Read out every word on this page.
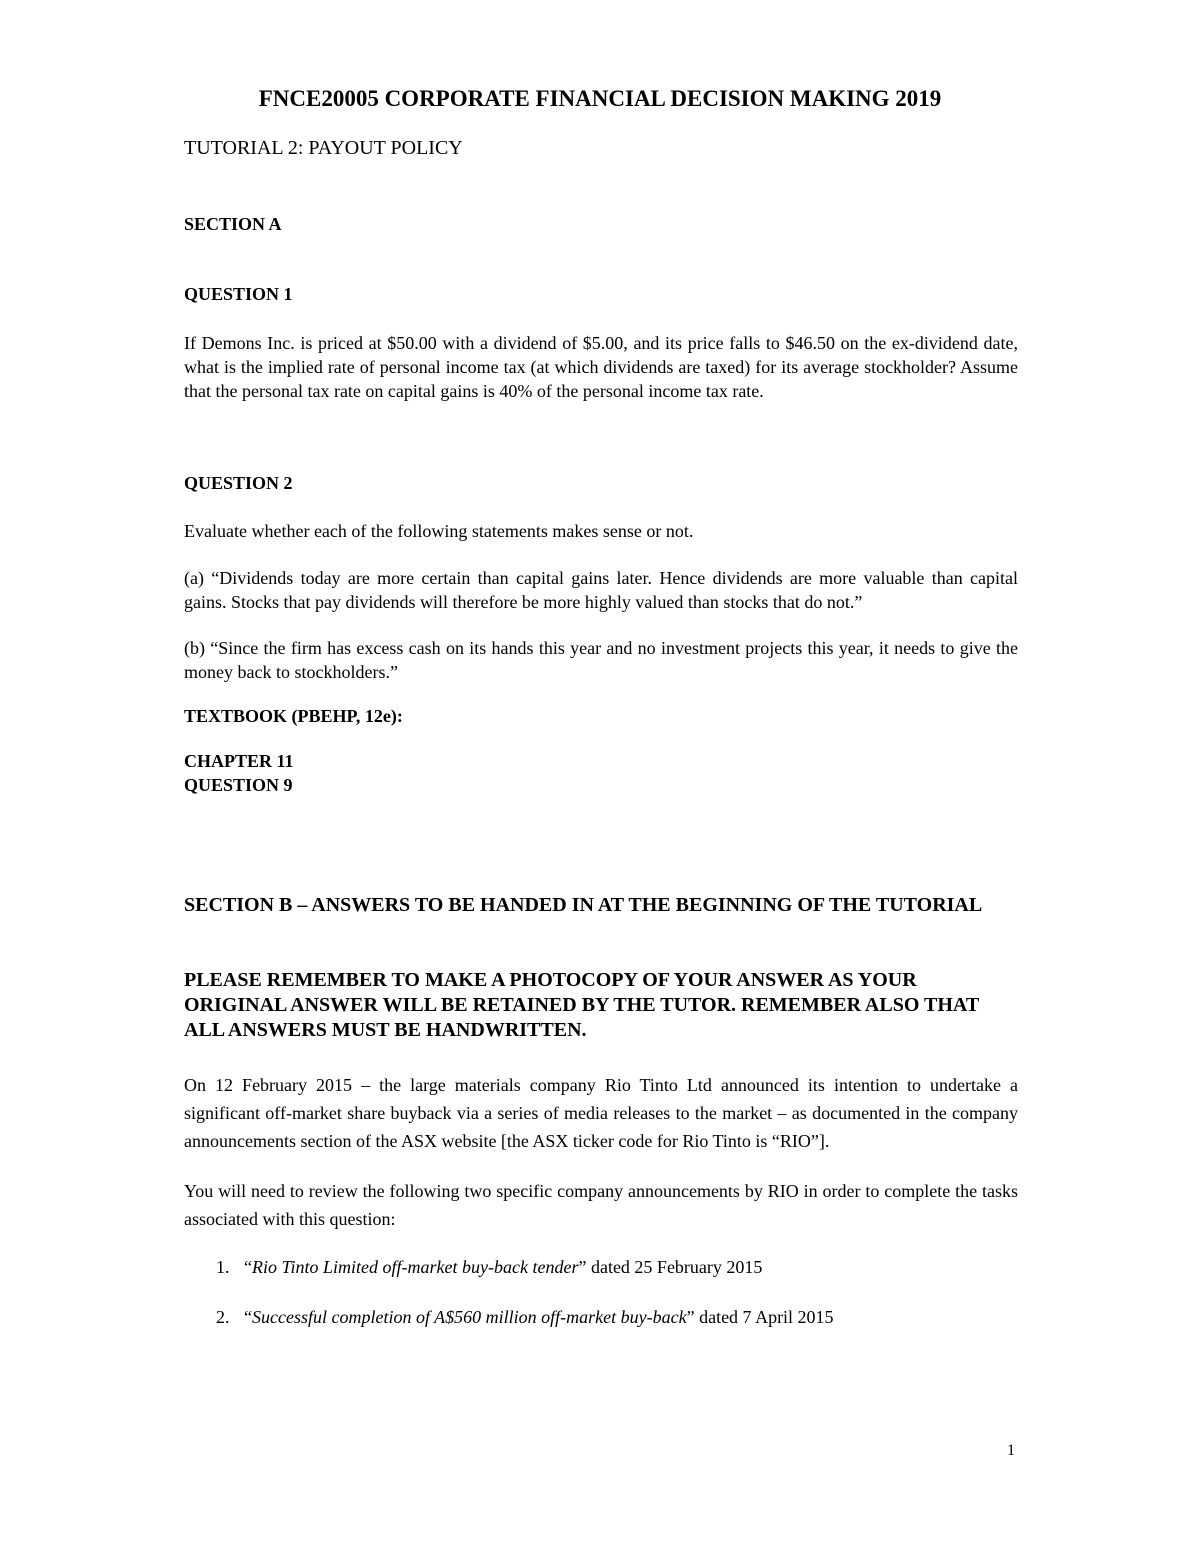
FNCE20005 CORPORATE FINANCIAL DECISION MAKING 2019

TUTORIAL 2: PAYOUT POLICY

SECTION A

QUESTION 1

If Demons Inc. is priced at $50.00 with a dividend of $5.00, and its price falls to $46.50 on the ex-dividend date, what is the implied rate of personal income tax (at which dividends are taxed) for its average stockholder? Assume that the personal tax rate on capital gains is 40% of the personal income tax rate.

QUESTION 2

Evaluate whether each of the following statements makes sense or not.

(a) “Dividends today are more certain than capital gains later. Hence dividends are more valuable than capital gains. Stocks that pay dividends will therefore be more highly valued than stocks that do not.”

(b) “Since the firm has excess cash on its hands this year and no investment projects this year, it needs to give the money back to stockholders.”

TEXTBOOK (PBEHP, 12e):

CHAPTER 11

QUESTION 9

SECTION B – ANSWERS TO BE HANDED IN AT THE BEGINNING OF THE TUTORIAL

PLEASE REMEMBER TO MAKE A PHOTOCOPY OF YOUR ANSWER AS YOUR ORIGINAL ANSWER WILL BE RETAINED BY THE TUTOR. REMEMBER ALSO THAT ALL ANSWERS MUST BE HANDWRITTEN.

On 12 February 2015 – the large materials company Rio Tinto Ltd announced its intention to undertake a significant off-market share buyback via a series of media releases to the market – as documented in the company announcements section of the ASX website [the ASX ticker code for Rio Tinto is “RIO”].

You will need to review the following two specific company announcements by RIO in order to complete the tasks associated with this question:

1. “Rio Tinto Limited off-market buy-back tender” dated 25 February 2015

2. “Successful completion of A$560 million off-market buy-back” dated 7 April 2015

1
